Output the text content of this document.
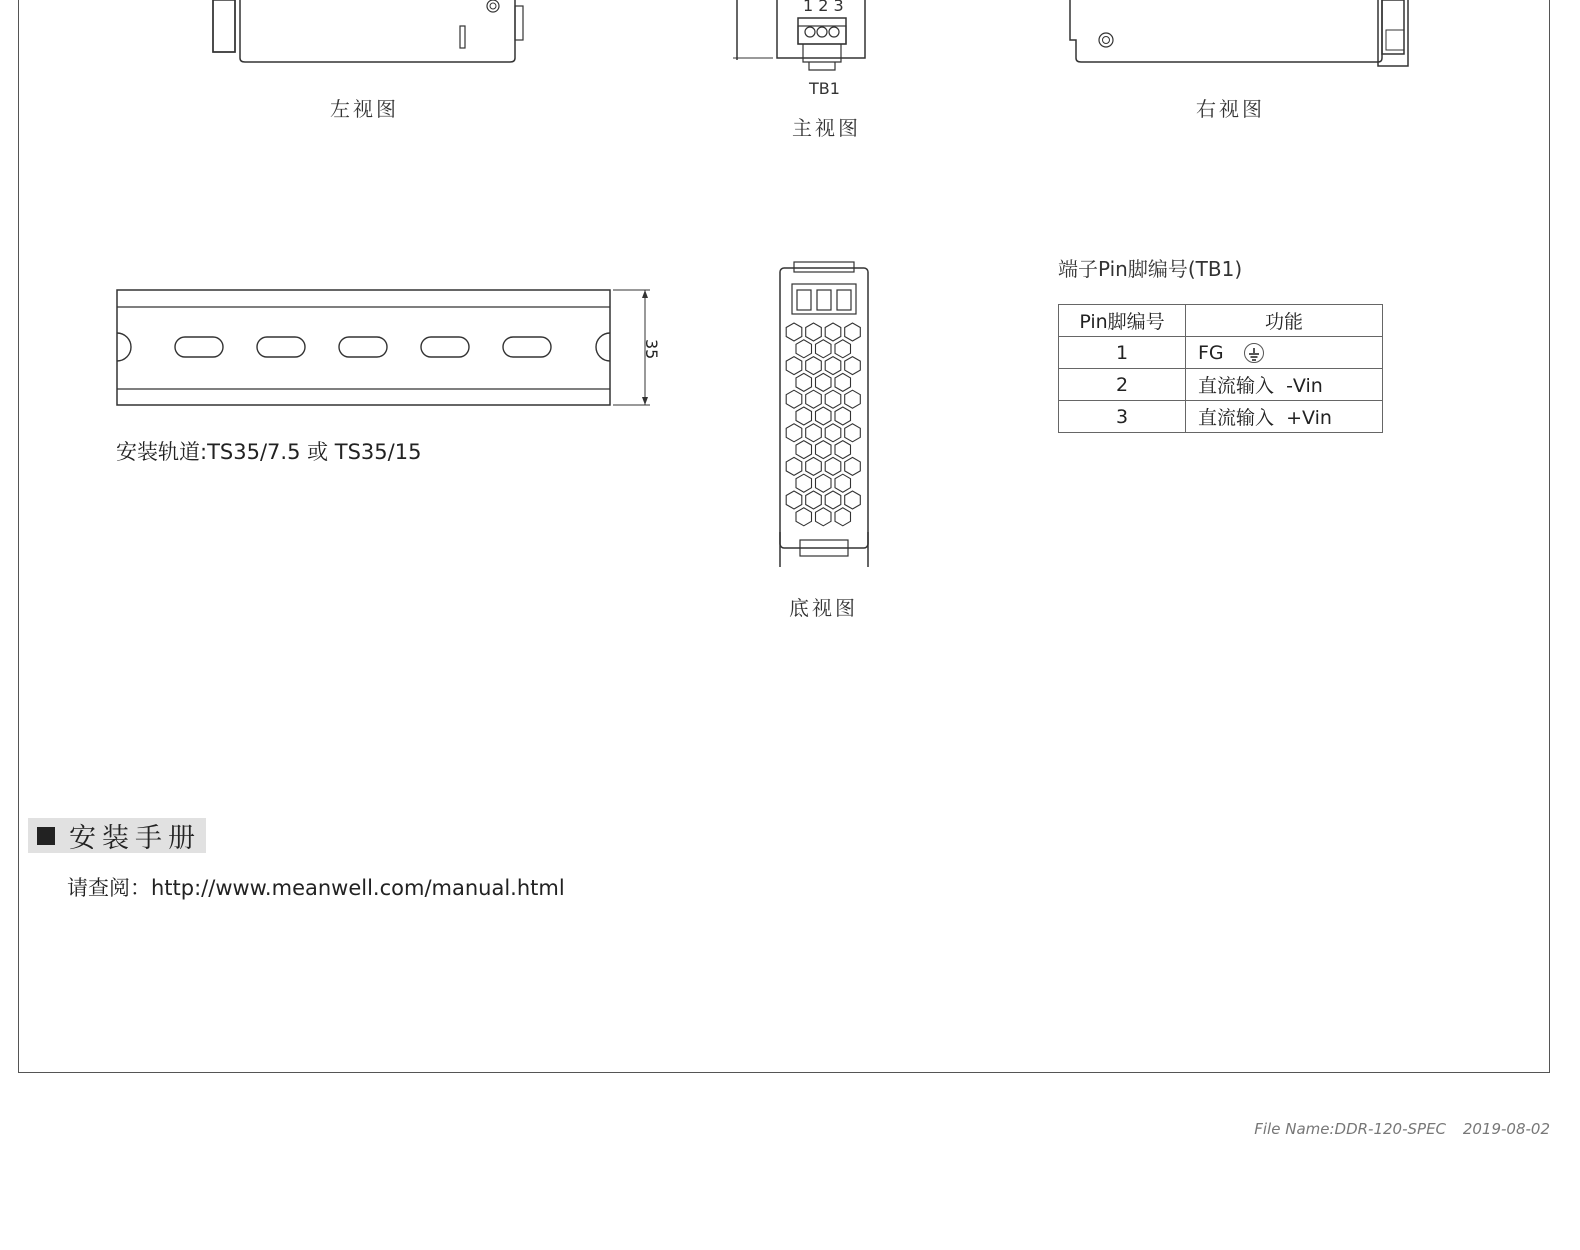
左视图
1 2 3
TB1
主视图
右视图
35
安装轨道:TS35/7.5 或 TS35/15
底视图
端子Pin脚编号(TB1)
Pin脚编号	功能
1	FG

2	直流输入  -Vin
3	直流输入  +Vin
安装手册
请查阅：http://www.meanwell.com/manual.html
File Name:DDR-120-SPEC 2019-08-02
